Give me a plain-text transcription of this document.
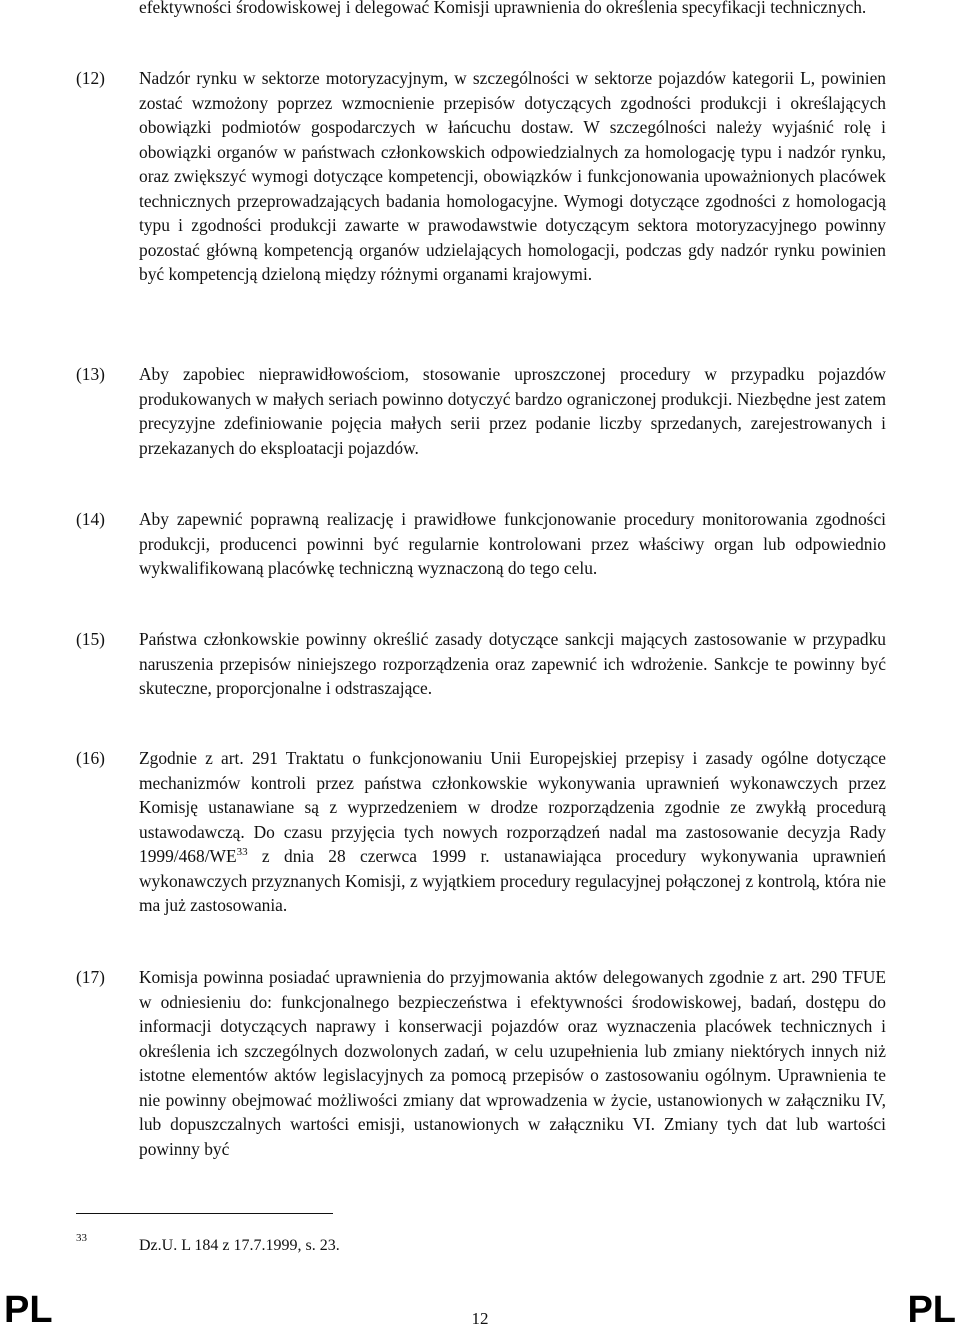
efektywności środowiskowej i delegować Komisji uprawnienia do określenia specyfikacji technicznych.
(12)	Nadzór rynku w sektorze motoryzacyjnym, w szczególności w sektorze pojazdów kategorii L, powinien zostać wzmożony poprzez wzmocnienie przepisów dotyczących zgodności produkcji i określających obowiązki podmiotów gospodarczych w łańcuchu dostaw. W szczególności należy wyjaśnić rolę i obowiązki organów w państwach członkowskich odpowiedzialnych za homologację typu i nadzór rynku, oraz zwiększyć wymogi dotyczące kompetencji, obowiązków i funkcjonowania upoważnionych placówek technicznych przeprowadzających badania homologacyjne. Wymogi dotyczące zgodności z homologacją typu i zgodności produkcji zawarte w prawodawstwie dotyczącym sektora motoryzacyjnego powinny pozostać główną kompetencją organów udzielających homologacji, podczas gdy nadzór rynku powinien być kompetencją dzieloną między różnymi organami krajowymi.
(13)	Aby zapobiec nieprawidłowościom, stosowanie uproszczonej procedury w przypadku pojazdów produkowanych w małych seriach powinno dotyczyć bardzo ograniczonej produkcji. Niezbędne jest zatem precyzyjne zdefiniowanie pojęcia małych serii przez podanie liczby sprzedanych, zarejestrowanych i przekazanych do eksploatacji pojazdów.
(14)	Aby zapewnić poprawną realizację i prawidłowe funkcjonowanie procedury monitorowania zgodności produkcji, producenci powinni być regularnie kontrolowani przez właściwy organ lub odpowiednio wykwalifikowaną placówkę techniczną wyznaczoną do tego celu.
(15)	Państwa członkowskie powinny określić zasady dotyczące sankcji mających zastosowanie w przypadku naruszenia przepisów niniejszego rozporządzenia oraz zapewnić ich wdrożenie. Sankcje te powinny być skuteczne, proporcjonalne i odstraszające.
(16)	Zgodnie z art. 291 Traktatu o funkcjonowaniu Unii Europejskiej przepisy i zasady ogólne dotyczące mechanizmów kontroli przez państwa członkowskie wykonywania uprawnień wykonawczych przez Komisję ustanawiane są z wyprzedzeniem w drodze rozporządzenia zgodnie ze zwykłą procedurą ustawodawczą. Do czasu przyjęcia tych nowych rozporządzeń nadal ma zastosowanie decyzja Rady 1999/468/WE$^{33}$ z dnia 28 czerwca 1999 r. ustanawiająca procedury wykonywania uprawnień wykonawczych przyznanych Komisji, z wyjątkiem procedury regulacyjnej połączonej z kontrolą, która nie ma już zastosowania.
(17)	Komisja powinna posiadać uprawnienia do przyjmowania aktów delegowanych zgodnie z art. 290 TFUE w odniesieniu do: funkcjonalnego bezpieczeństwa i efektywności środowiskowej, badań, dostępu do informacji dotyczących naprawy i konserwacji pojazdów oraz wyznaczenia placówek technicznych i określenia ich szczególnych dozwolonych zadań, w celu uzupełnienia lub zmiany niektórych innych niż istotne elementów aktów legislacyjnych za pomocą przepisów o zastosowaniu ogólnym. Uprawnienia te nie powinny obejmować możliwości zmiany dat wprowadzenia w życie, ustanowionych w załączniku IV, lub dopuszczalnych wartości emisji, ustanowionych w załączniku VI. Zmiany tych dat lub wartości powinny być
33	Dz.U. L 184 z 17.7.1999, s. 23.
PL	12	PL
